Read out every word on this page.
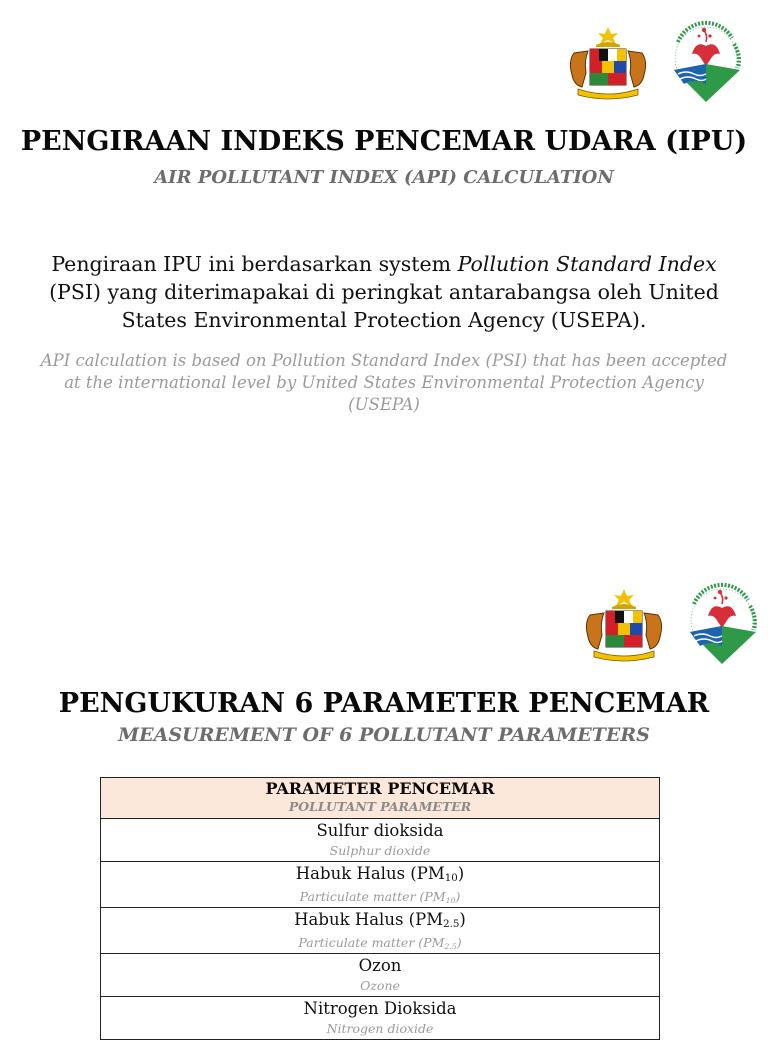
PENGIRAAN INDEKS PENCEMAR UDARA (IPU)
AIR POLLUTANT INDEX (API) CALCULATION

Pengiraan IPU ini berdasarkan system Pollution Standard Index (PSI) yang diterimapakai di peringkat antarabangsa oleh United States Environmental Protection Agency (USEPA).

API calculation is based on Pollution Standard Index (PSI) that has been accepted at the international level by United States Environmental Protection Agency (USEPA)

PENGUKURAN 6 PARAMETER PENCEMAR
MEASUREMENT OF 6 POLLUTANT PARAMETERS
PARAMETER PENCEMAR
POLLUTANT PARAMETER

Sulfur dioksida
Sulphur dioxide

Habuk Halus $(PM_{10})$
Particulate matter $(PM_{10})$

Habuk Halus $(PM_{2.5})$
Particulate matter $(PM_{2.5})$

Ozon
Ozone

Nitrogen Dioksida
Nitrogen dioxide
